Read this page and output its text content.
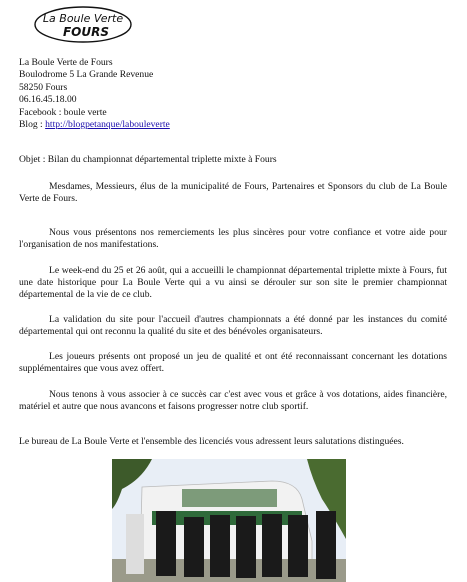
La Boule Verte
FOURS
La Boule Verte de Fours
Boulodrome 5 La Grande Revenue
58250 Fours
06.16.45.18.00
Facebook : boule verte
Blog : http://blogpetanque/labouleverte
Objet : Bilan du championnat départemental triplette mixte à Fours
Mesdames, Messieurs, élus de la municipalité de Fours, Partenaires et Sponsors du club de La Boule Verte de Fours.
Nous vous présentons nos remerciements les plus sincères pour votre confiance et votre aide pour l'organisation de nos manifestations.
Le week-end du 25 et 26 août, qui a accueilli le championnat départemental triplette mixte à Fours, fut une date historique pour La Boule Verte qui a vu ainsi se dérouler sur son site le premier championnat départemental de la vie de ce club.
La validation du site pour l'accueil d'autres championnats a été donné par les instances du comité départemental qui ont reconnu la qualité du site et des bénévoles organisateurs.
Les joueurs présents ont proposé un jeu de qualité et ont été reconnaissant concernant les dotations supplémentaires que vous avez offert.
Nous tenons à vous associer à ce succès car c'est avec vous et grâce à vos dotations, aides financière, matériel et autre que nous avancons et faisons progresser notre club sportif.
Le bureau de La Boule Verte et l'ensemble des licenciés vous adressent leurs salutations distinguées.
